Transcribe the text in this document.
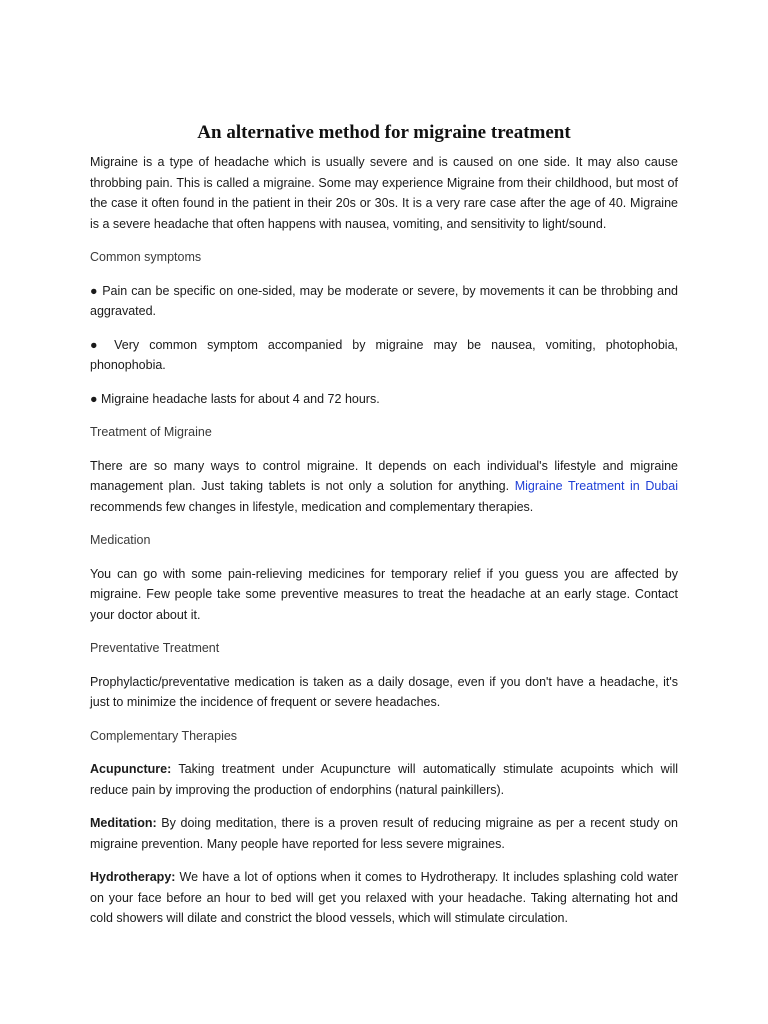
An alternative method for migraine treatment

Migraine is a type of headache which is usually severe and is caused on one side. It may also cause throbbing pain. This is called a migraine. Some may experience Migraine from their childhood, but most of the case it often found in the patient in their 20s or 30s. It is a very rare case after the age of 40. Migraine is a severe headache that often happens with nausea, vomiting, and sensitivity to light/sound.

Common symptoms

● Pain can be specific on one-sided, may be moderate or severe, by movements it can be throbbing and aggravated.

● Very common symptom accompanied by migraine may be nausea, vomiting, photophobia, phonophobia.

● Migraine headache lasts for about 4 and 72 hours.

Treatment of Migraine

There are so many ways to control migraine. It depends on each individual's lifestyle and migraine management plan. Just taking tablets is not only a solution for anything. Migraine Treatment in Dubai recommends few changes in lifestyle, medication and complementary therapies.

Medication

You can go with some pain-relieving medicines for temporary relief if you guess you are affected by migraine. Few people take some preventive measures to treat the headache at an early stage. Contact your doctor about it.

Preventative Treatment

Prophylactic/preventative medication is taken as a daily dosage, even if you don't have a headache, it's just to minimize the incidence of frequent or severe headaches.

Complementary Therapies

Acupuncture: Taking treatment under Acupuncture will automatically stimulate acupoints which will reduce pain by improving the production of endorphins (natural painkillers).

Meditation: By doing meditation, there is a proven result of reducing migraine as per a recent study on migraine prevention. Many people have reported for less severe migraines.

Hydrotherapy: We have a lot of options when it comes to Hydrotherapy. It includes splashing cold water on your face before an hour to bed will get you relaxed with your headache. Taking alternating hot and cold showers will dilate and constrict the blood vessels, which will stimulate circulation.
